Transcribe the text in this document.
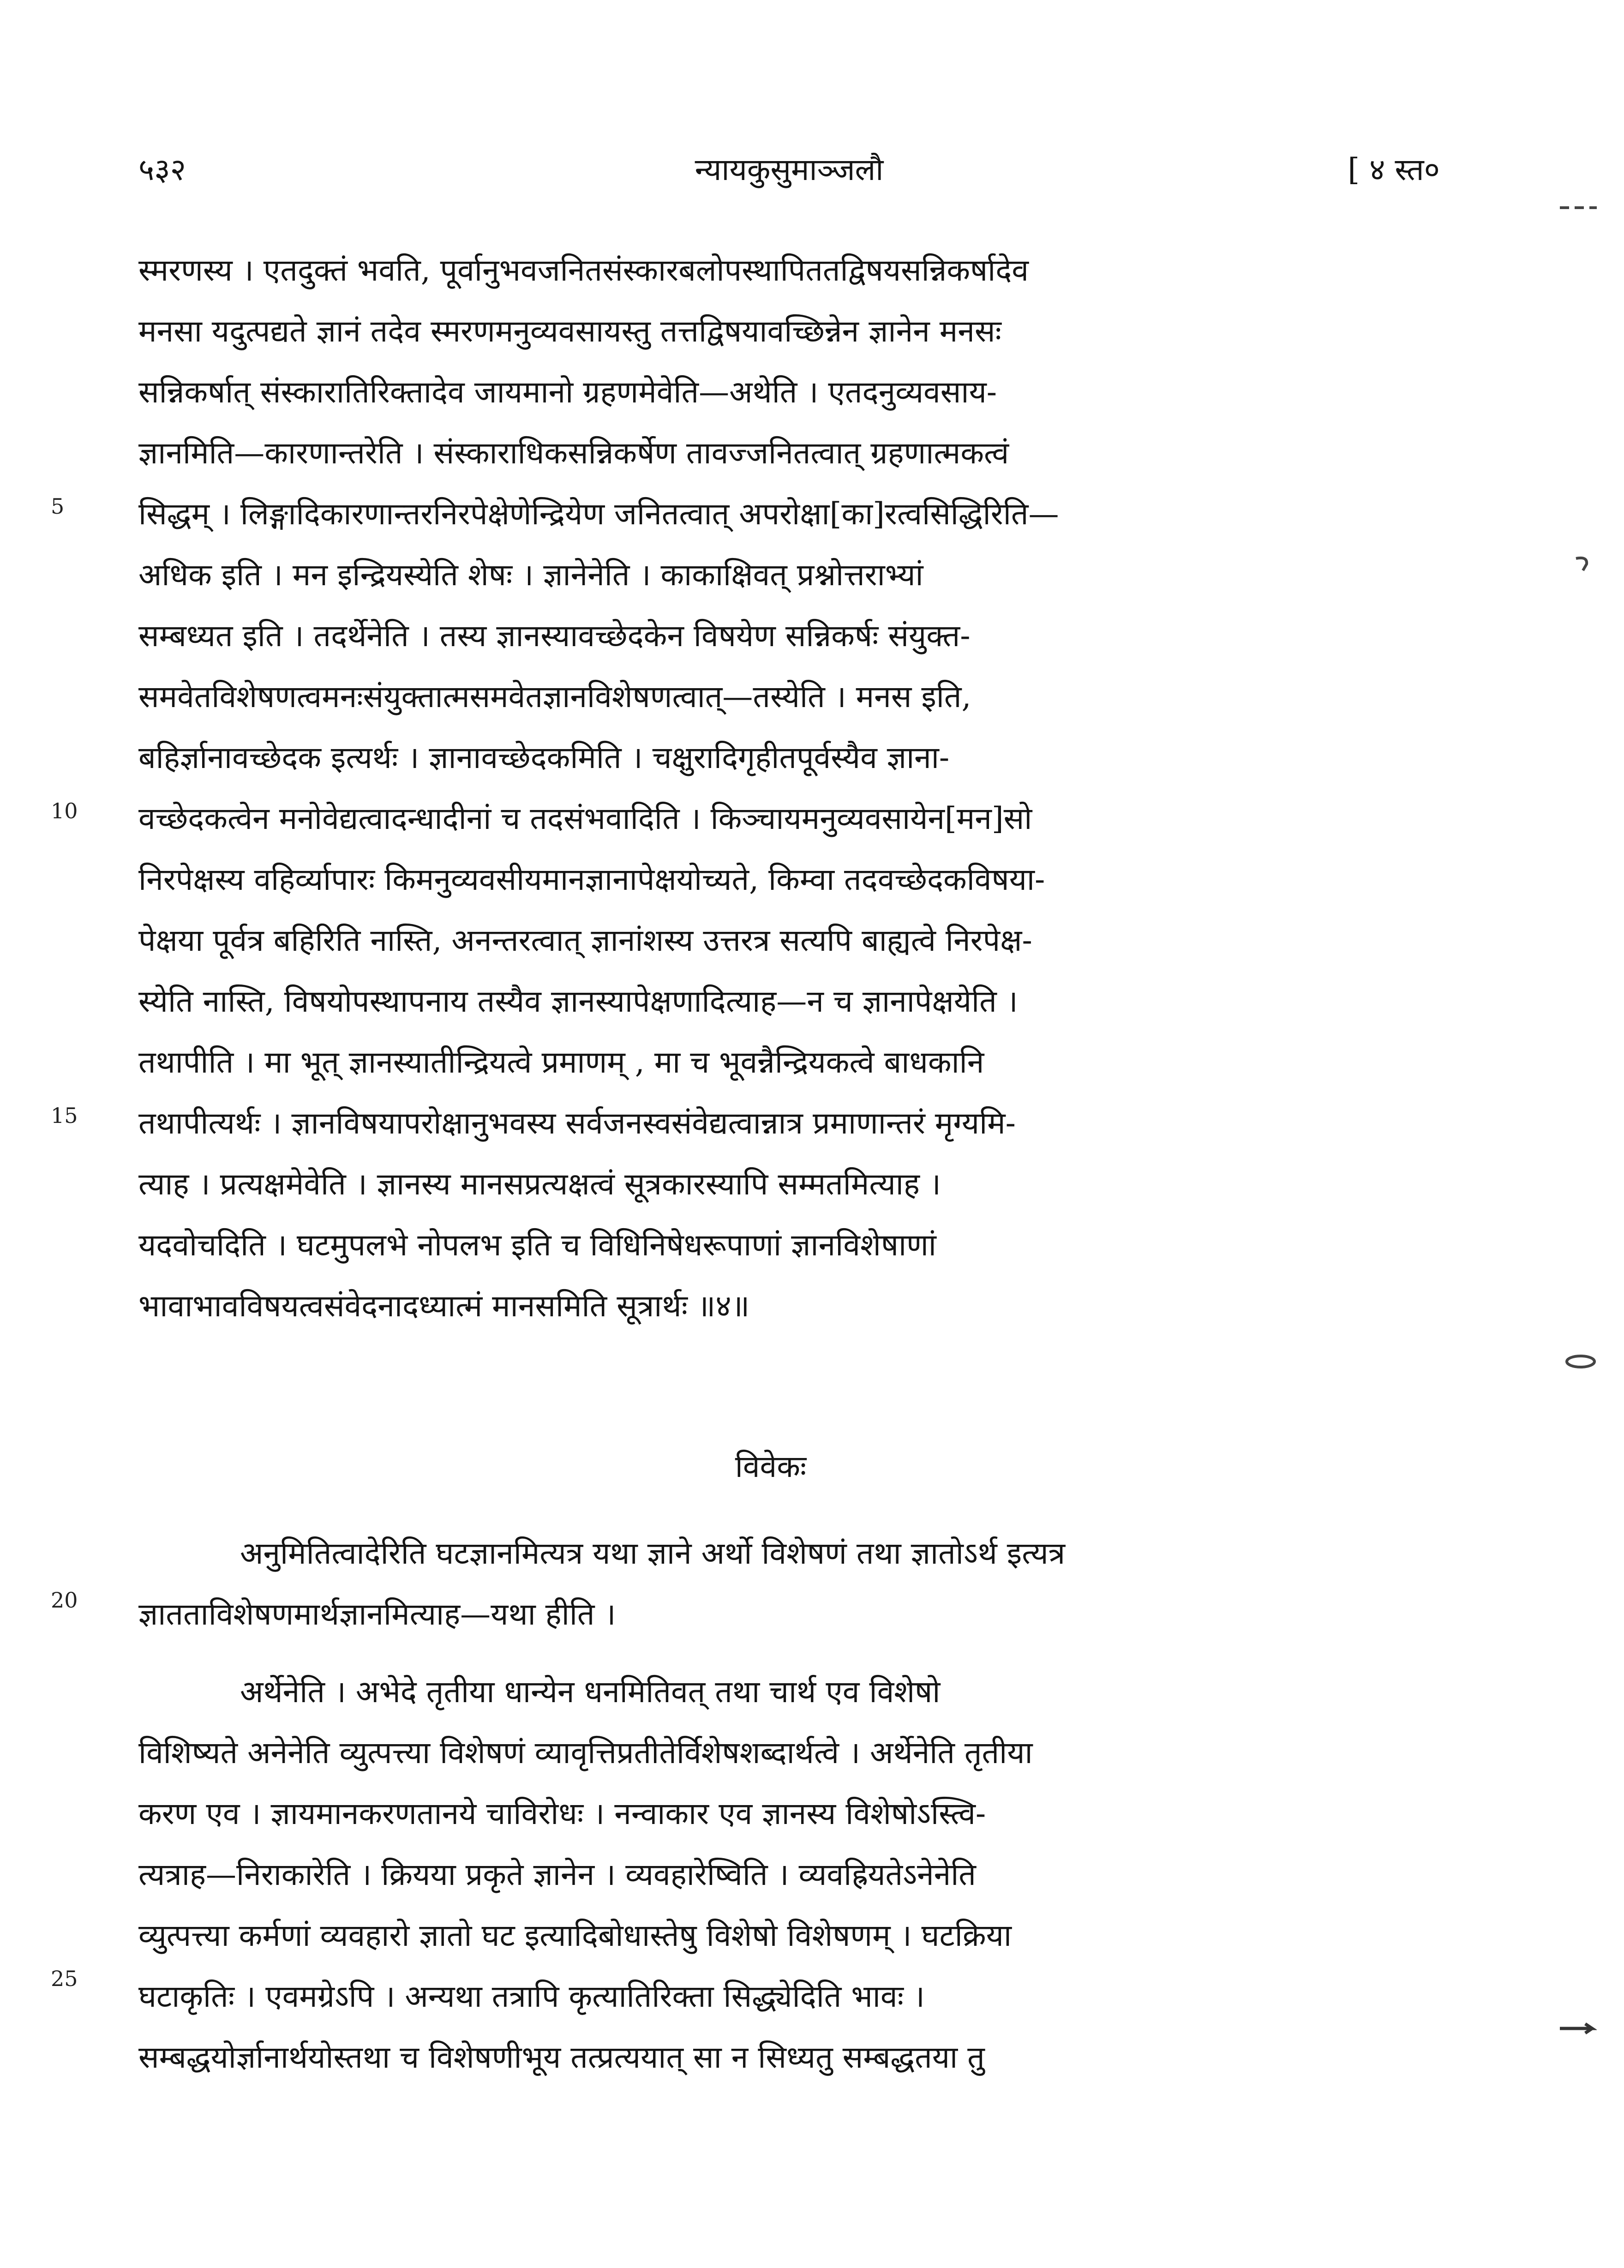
५३२	न्यायकुसुमाञ्जलौ	[ ४ स्त०
स्मरणस्य । एतदुक्तं भवति, पूर्वानुभवजनितसंस्कारबलोपस्थापिततद्विषयसन्निकर्षादेव
मनसा यदुत्पद्यते ज्ञानं तदेव स्मरणमनुव्यवसायस्तु तत्तद्विषयावच्छिन्नेन ज्ञानेन मनसः
सन्निकर्षात् संस्कारातिरिक्तादेव जायमानो ग्रहणमेवेति—अथेति । एतदनुव्यवसाय-
ज्ञानमिति—कारणान्तरेति । संस्काराधिकसन्निकर्षेण तावज्जनितत्वात् ग्रहणात्मकत्वं
सिद्धम् । लिङ्गादिकारणान्तरनिरपेक्षेणेन्द्रियेण जनितत्वात् अपरोक्षा[का]रत्वसिद्धिरिति—
अधिक इति । मन इन्द्रियस्येति शेषः । ज्ञानेनेति । काकाक्षिवत् प्रश्नोत्तराभ्यां
सम्बध्यत इति । तदर्थेनेति । तस्य ज्ञानस्यावच्छेदकेन विषयेण सन्निकर्षः संयुक्त-
समवेतविशेषणत्वमनःसंयुक्तात्मसमवेतज्ञानविशेषणत्वात्—तस्येति । मनस इति,
बहिर्ज्ञानावच्छेदक इत्यर्थः । ज्ञानावच्छेदकमिति । चक्षुरादिगृहीतपूर्वस्यैव ज्ञाना-
वच्छेदकत्वेन मनोवेद्यत्वादन्धादीनां च तदसंभवादिति । किञ्चायमनुव्यवसायेन[मन]सो
निरपेक्षस्य वहिर्व्यापारः किमनुव्यवसीयमानज्ञानापेक्षयोच्यते, किम्वा तदवच्छेदकविषया-
पेक्षया पूर्वत्र बहिरिति नास्ति, अनन्तरत्वात् ज्ञानांशस्य उत्तरत्र सत्यपि बाह्यत्वे निरपेक्ष-
स्येति नास्ति, विषयोपस्थापनाय तस्यैव ज्ञानस्यापेक्षणादित्याह—न च ज्ञानापेक्षयेति ।
तथापीति । मा भूत् ज्ञानस्यातीन्द्रियत्वे प्रमाणम् , मा च भूवन्नैन्द्रियकत्वे बाधकानि
तथापीत्यर्थः । ज्ञानविषयापरोक्षानुभवस्य सर्वजनस्वसंवेद्यत्वान्नात्र प्रमाणान्तरं मृग्यमि-
त्याह । प्रत्यक्षमेवेति । ज्ञानस्य मानसप्रत्यक्षत्वं सूत्रकारस्यापि सम्मतमित्याह ।
यदवोचदिति । घटमुपलभे नोपलभ इति च विधिनिषेधरूपाणां ज्ञानविशेषाणां
भावाभावविषयत्वसंवेदनादध्यात्मं मानसमिति सूत्रार्थः ॥४॥
विवेकः
अनुमितित्वादेरिति घटज्ञानमित्यत्र यथा ज्ञाने अर्थो विशेषणं तथा ज्ञातोऽर्थ इत्यत्र
ज्ञातताविशेषणमार्थज्ञानमित्याह—यथा हीति ।
अर्थेनेति । अभेदे तृतीया धान्येन धनमितिवत् तथा चार्थ एव विशेषो
विशिष्यते अनेनेति व्युत्पत्त्या विशेषणं व्यावृत्तिप्रतीतेर्विशेषशब्दार्थत्वे । अर्थेनेति तृतीया
करण एव । ज्ञायमानकरणतानये चाविरोधः । नन्वाकार एव ज्ञानस्य विशेषोऽस्त्वि-
त्यत्राह—निराकारेति । क्रियया प्रकृते ज्ञानेन । व्यवहारेष्विति । व्यवह्रियतेऽनेनेति
व्युत्पत्त्या कर्मणां व्यवहारो ज्ञातो घट इत्यादिबोधास्तेषु विशेषो विशेषणम् । घटक्रिया
घटाकृतिः । एवमग्रेऽपि । अन्यथा तत्रापि कृत्यातिरिक्ता सिद्ध्येदिति भावः ।
सम्बद्धयोर्ज्ञानार्थयोस्तथा च विशेषणीभूय तत्प्रत्ययात् सा न सिध्यतु सम्बद्धतया तु
5
10
15
20
25
